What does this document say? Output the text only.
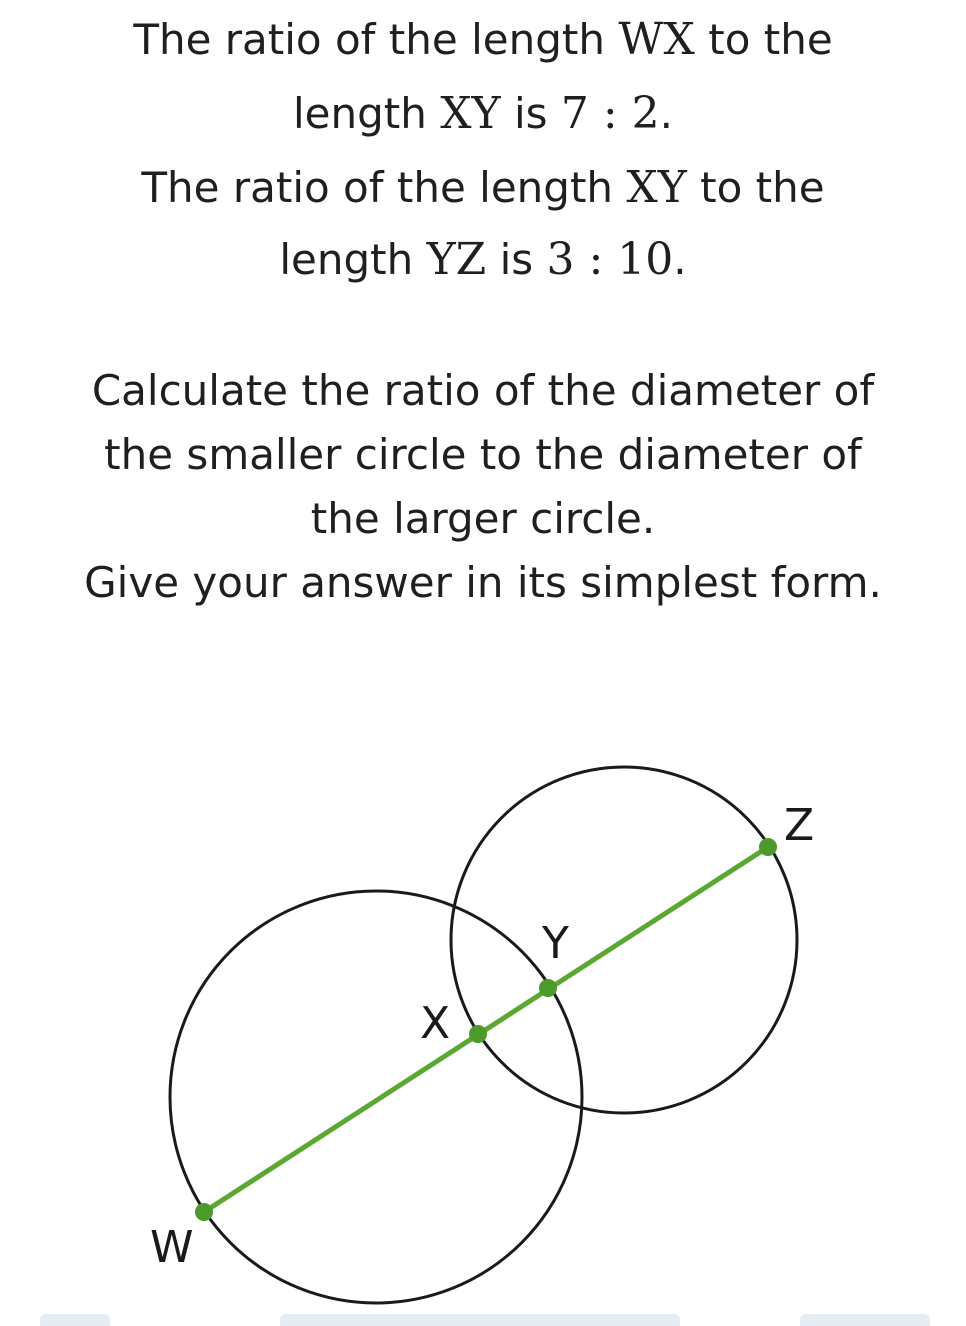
The ratio of the length WX to the
length XY is 7 : 2.
The ratio of the length XY to the
length YZ is 3 : 10.
Calculate the ratio of the diameter of
the smaller circle to the diameter of
the larger circle.
Give your answer in its simplest form.
W
X
Y
Z
